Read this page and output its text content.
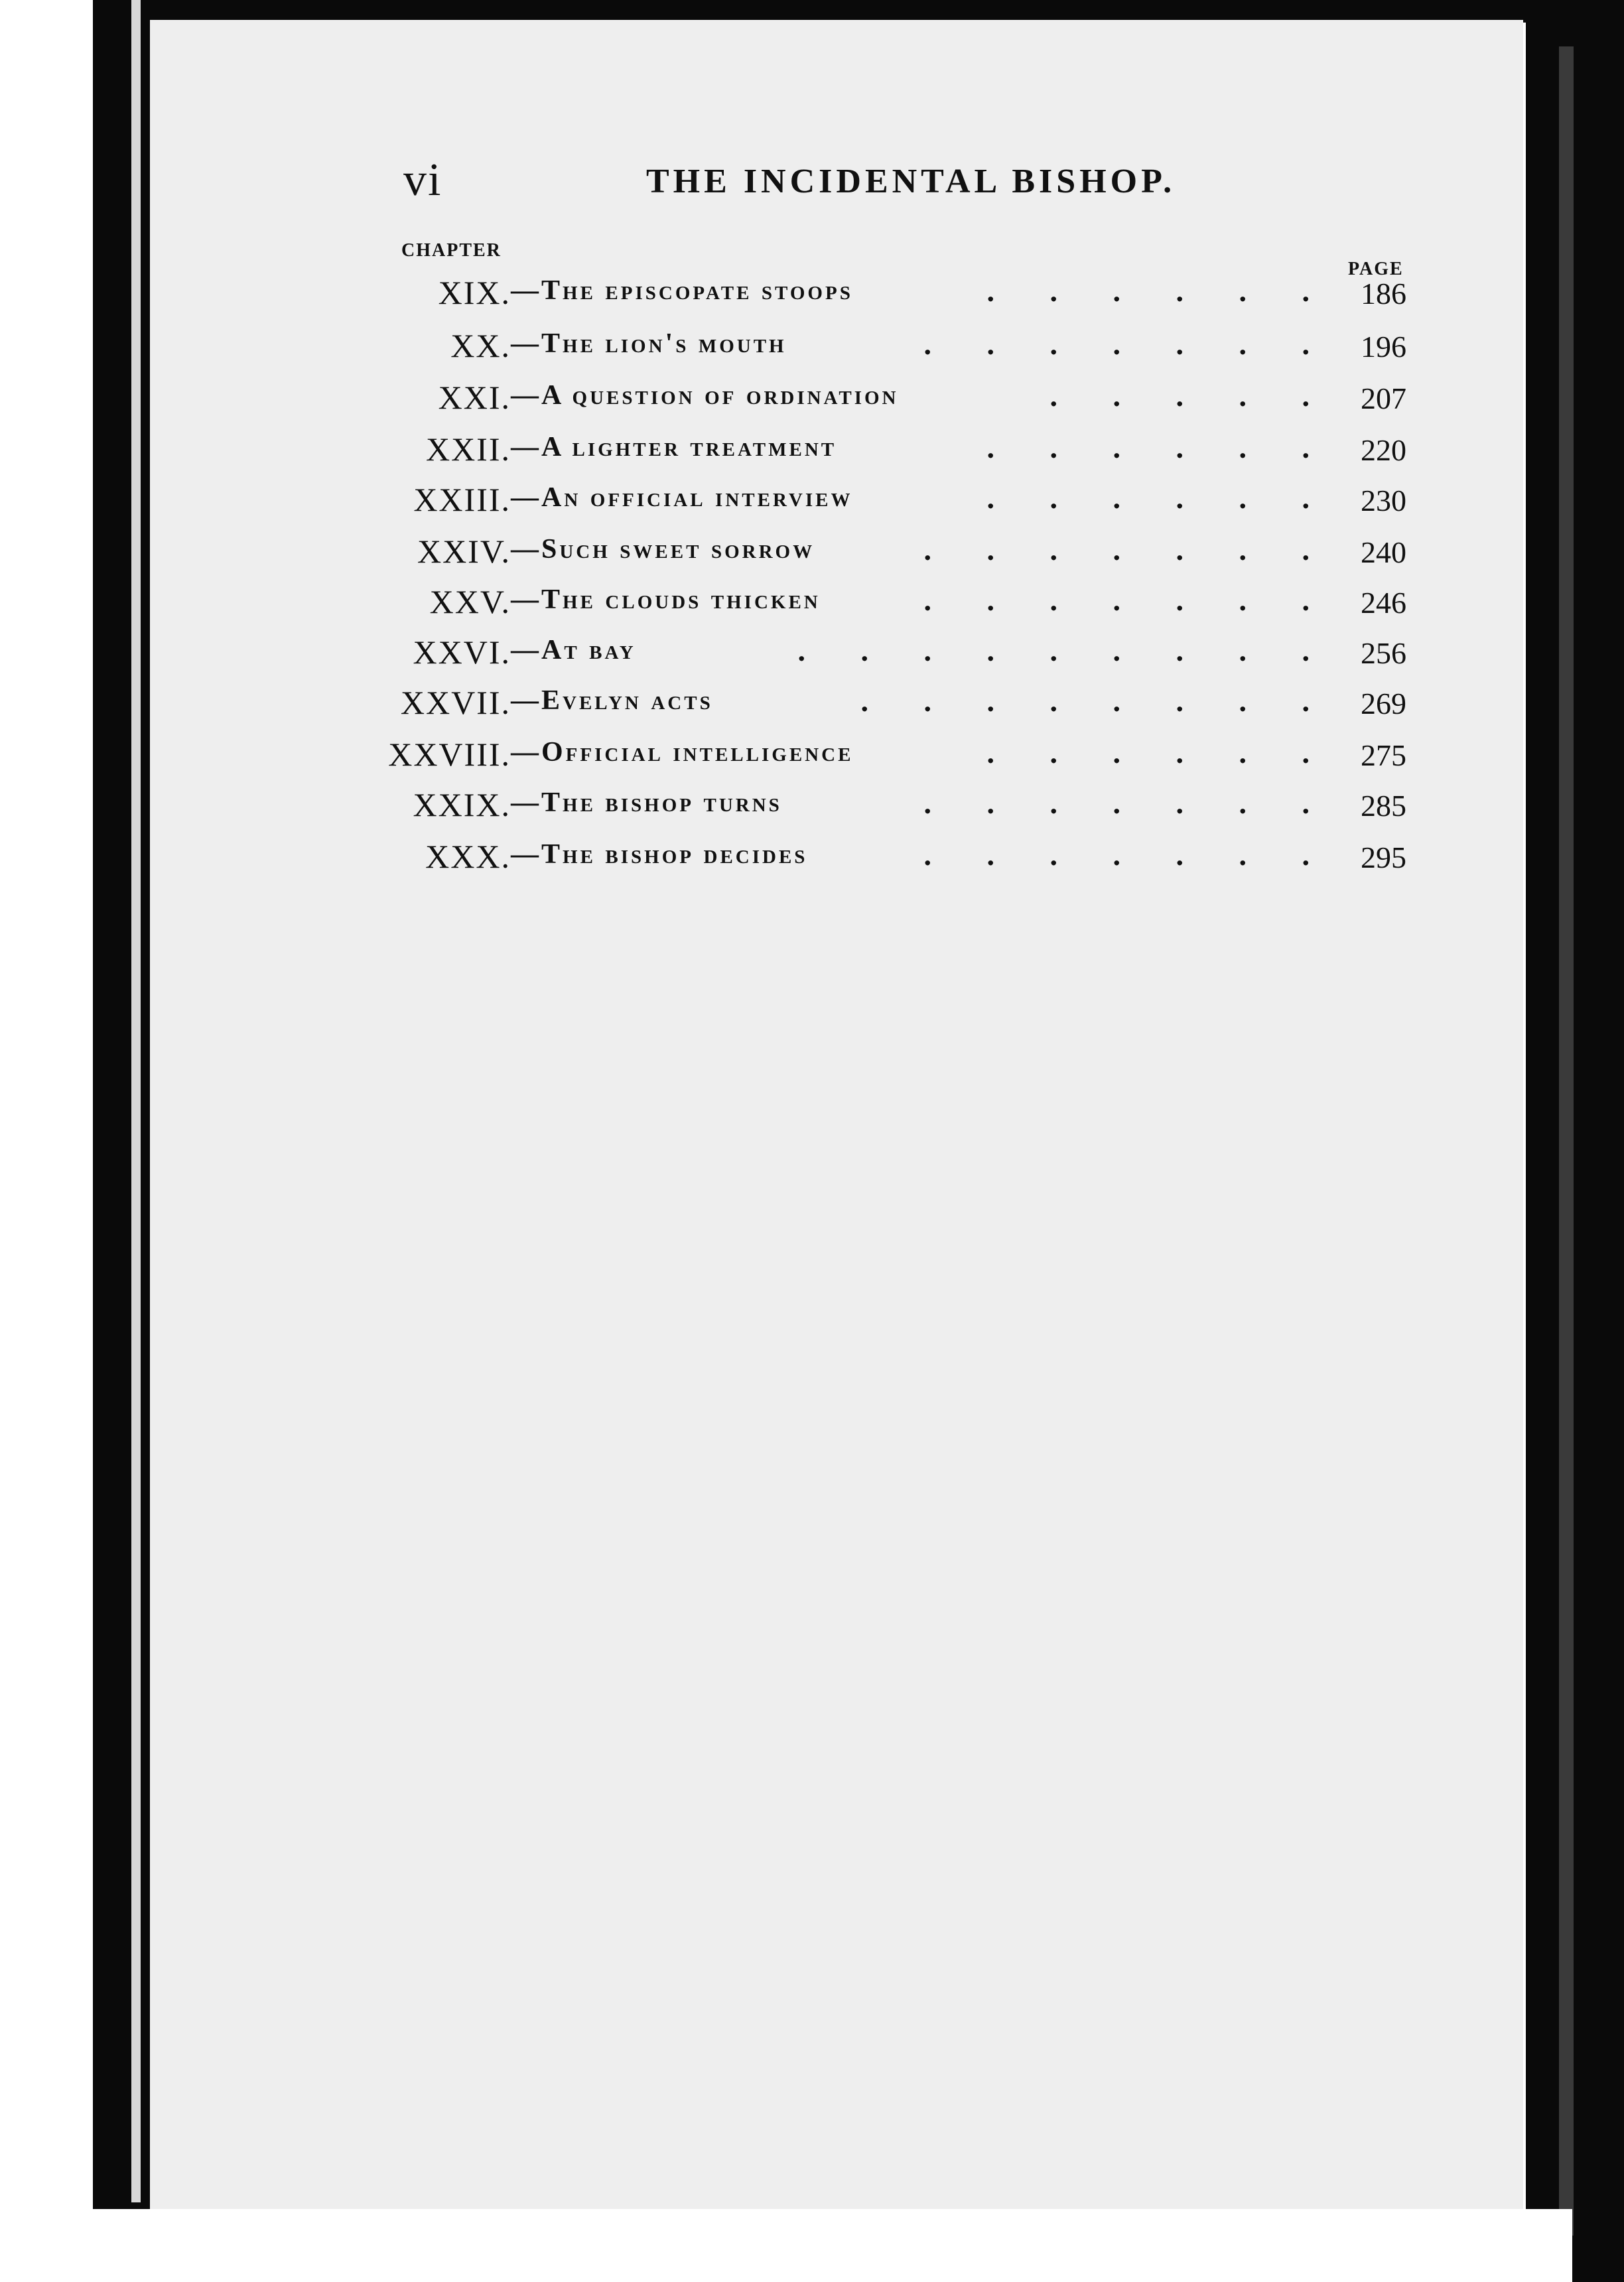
vi	THE INCIDENTAL BISHOP.
CHAPTER
PAGE
XIX. —The episcopate stoops	. . . . . . 186
XX. —The lion's mouth	. . . . . . . 196
XXI. —A question of ordination	. . . . . 207
XXII. —A lighter treatment	. . . . . . 220
XXIII. —An official interview	. . . . . . 230
XXIV. —Such sweet sorrow	. . . . . . . 240
XXV. —The clouds thicken	. . . . . . . 246
XXVI. —At bay	. . . . . . . . . 256
XXVII. —Evelyn acts	. . . . . . . . 269
XXVIII. —Official intelligence	. . . . . . 275
XXIX. —The bishop turns	. . . . . . . 285
XXX. —The bishop decides	. . . . . . . 295
